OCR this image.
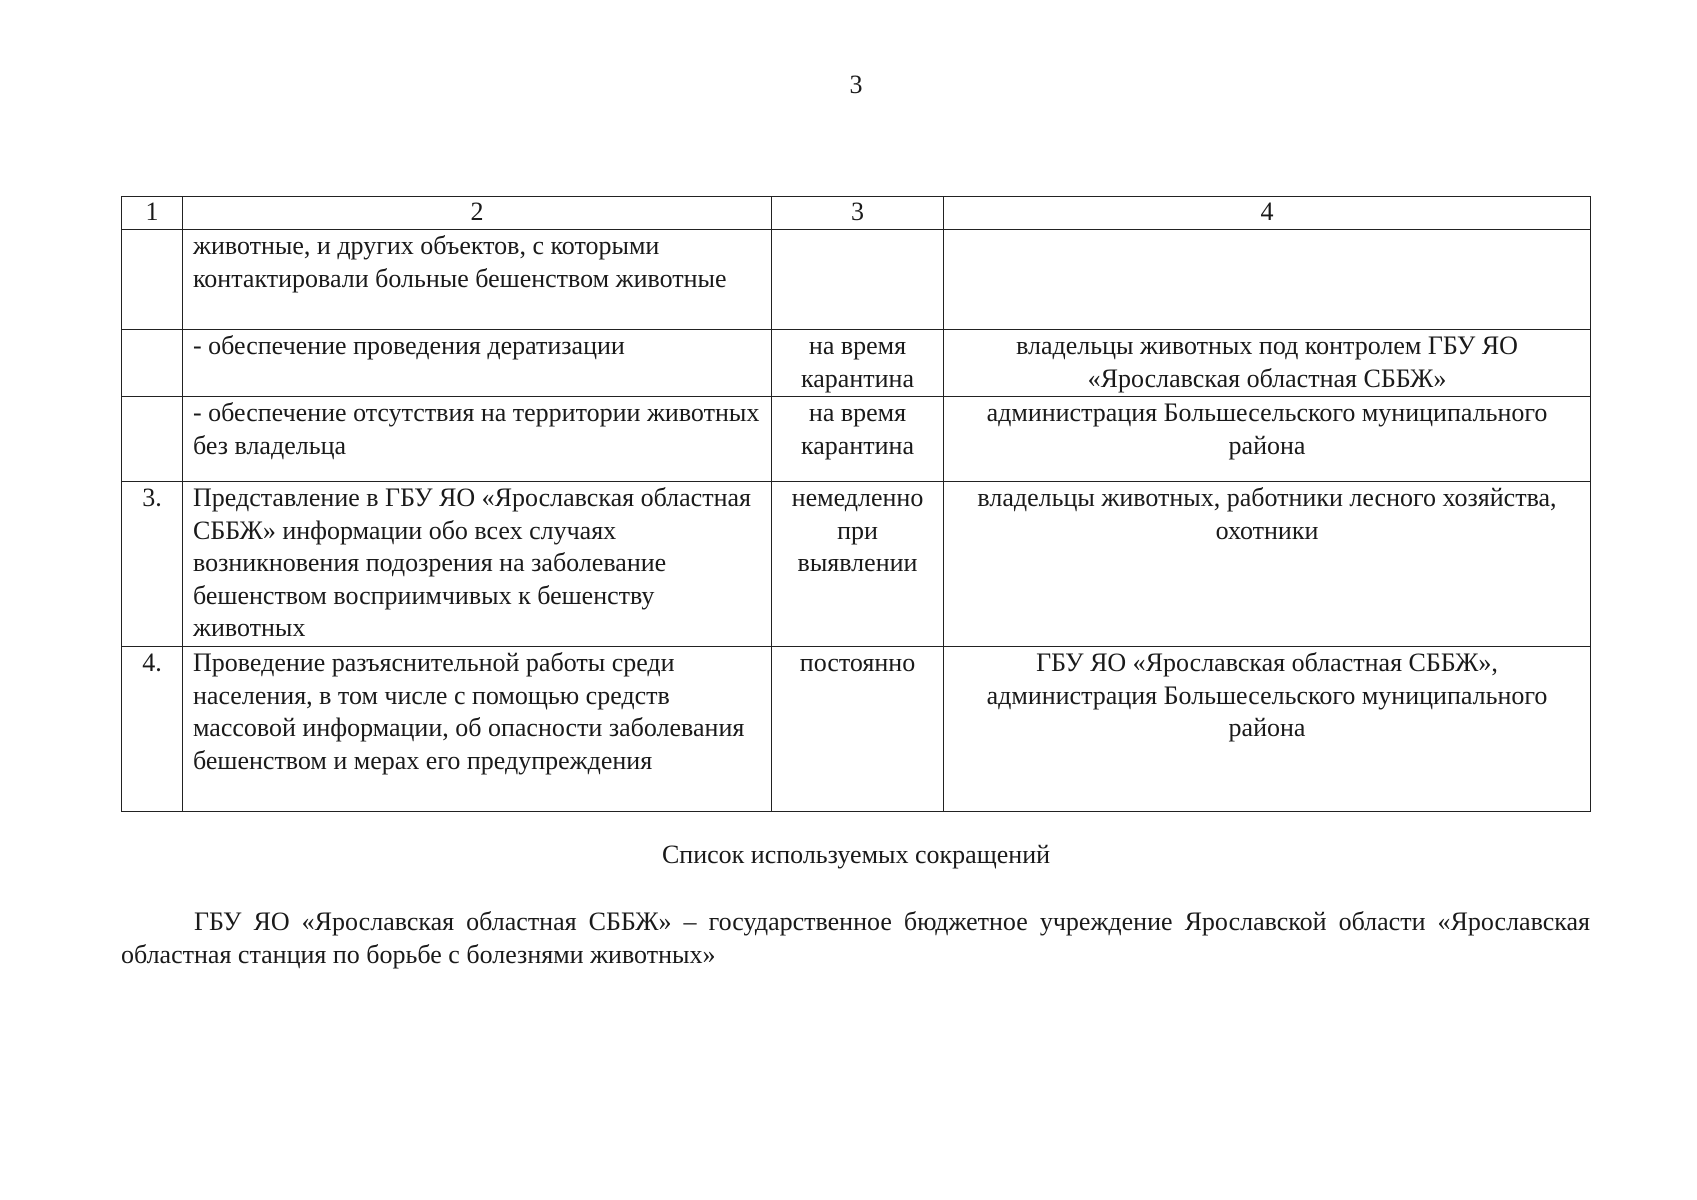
3
1	2	3	4
	животные, и других объектов, с которыми контактировали больные бешенством животные		
	- обеспечение проведения дератизации	на время карантина	владельцы животных под контролем ГБУ ЯО «Ярославская областная СББЖ»
	- обеспечение отсутствия на территории животных без владельца	на время карантина	администрация Большесельского муниципального района
3.	Представление в ГБУ ЯО «Ярославская областная СББЖ» информации обо всех случаях возникновения подозрения на заболевание бешенством восприимчивых к бешенству животных	немедленно при выявлении	владельцы животных, работники лесного хозяйства, охотники
4.	Проведение разъяснительной работы среди населения, в том числе с помощью средств массовой информации, об опасности заболевания бешенством и мерах его предупреждения	постоянно	ГБУ ЯО «Ярославская областная СББЖ», администрация Большесельского муниципального района
Список используемых сокращений

ГБУ ЯО «Ярославская областная СББЖ» – государственное бюджетное учреждение Ярославской области «Ярославская областная станция по борьбе с болезнями животных»
